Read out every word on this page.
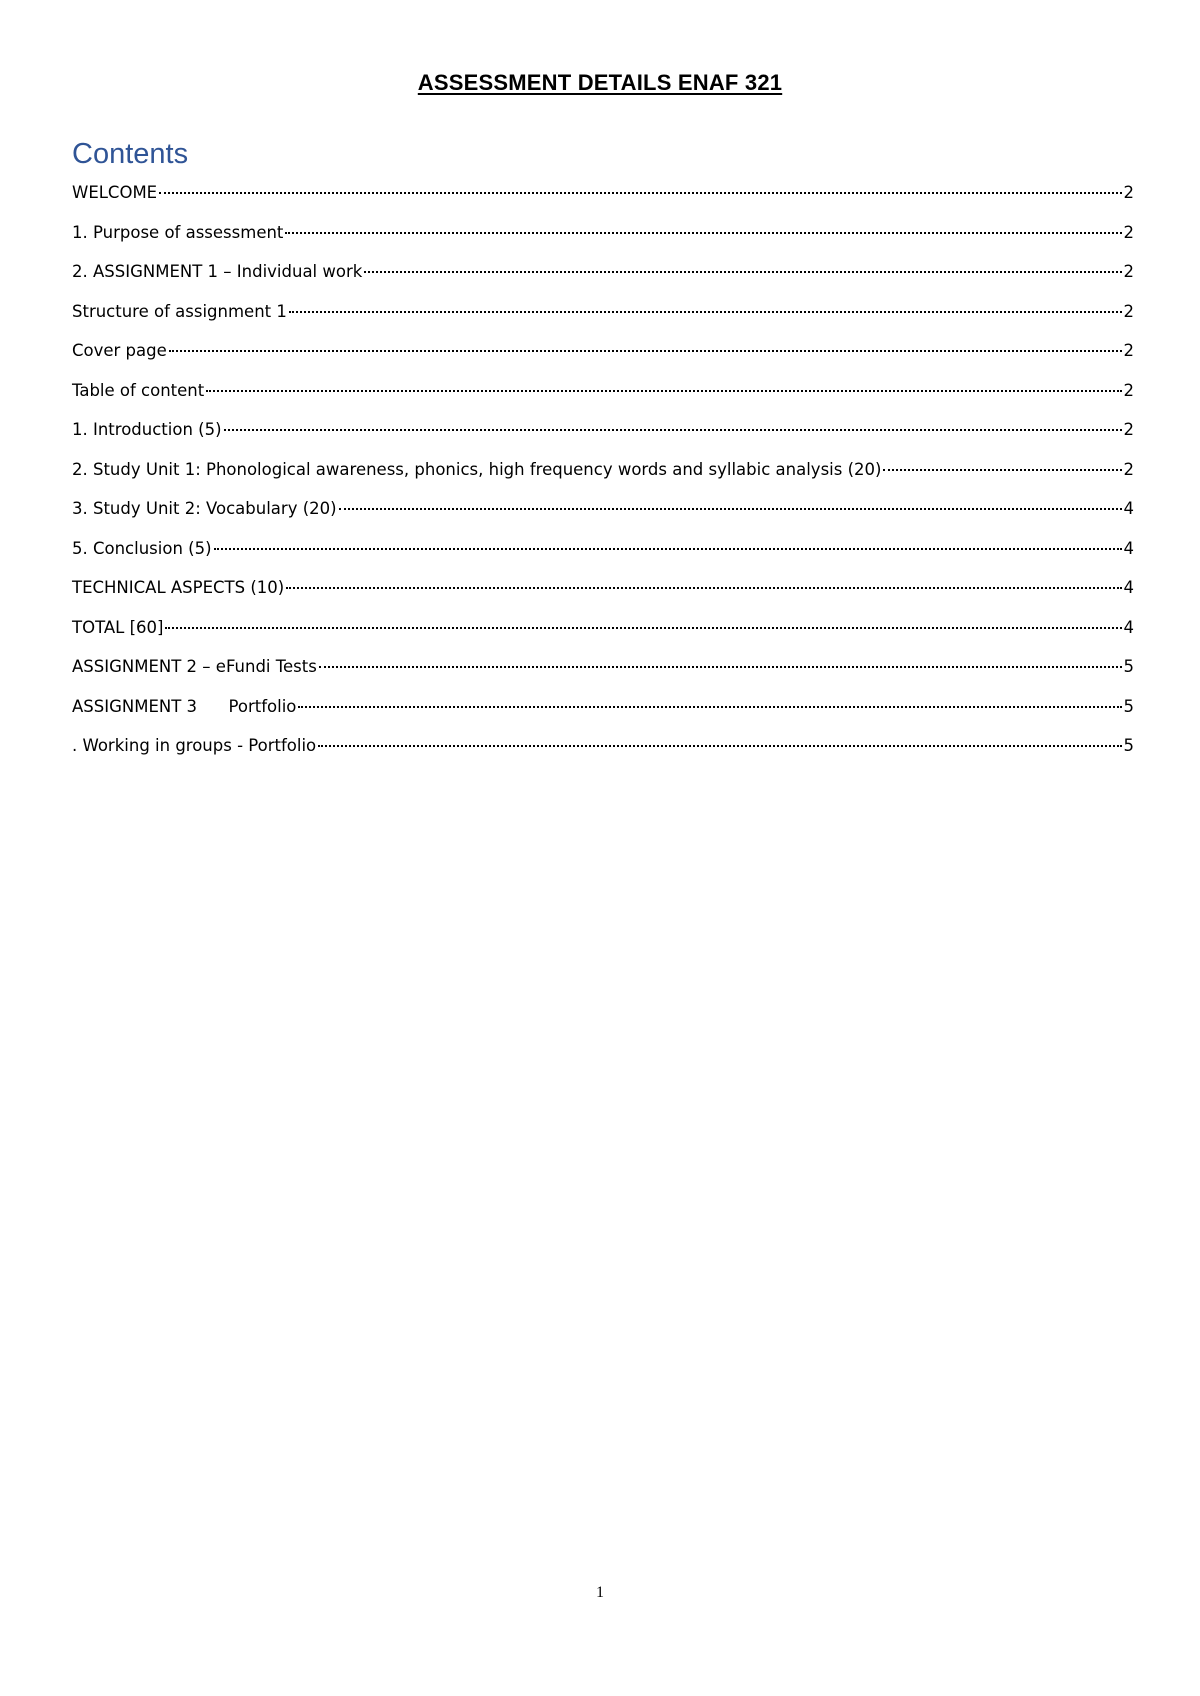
ASSESSMENT DETAILS ENAF 321
Contents
WELCOME	2
1. Purpose of assessment	2
2. ASSIGNMENT 1 – Individual work	2
Structure of assignment 1	2
Cover page	2
Table of content	2
1. Introduction (5)	2
2. Study Unit 1: Phonological awareness, phonics, high frequency words and syllabic analysis (20)	2
3. Study Unit 2: Vocabulary (20)	4
5. Conclusion (5)	4
TECHNICAL ASPECTS (10)	4
TOTAL [60]	4
ASSIGNMENT 2 – eFundi Tests	5
ASSIGNMENT 3      Portfolio	5
. Working in groups - Portfolio	5
1
